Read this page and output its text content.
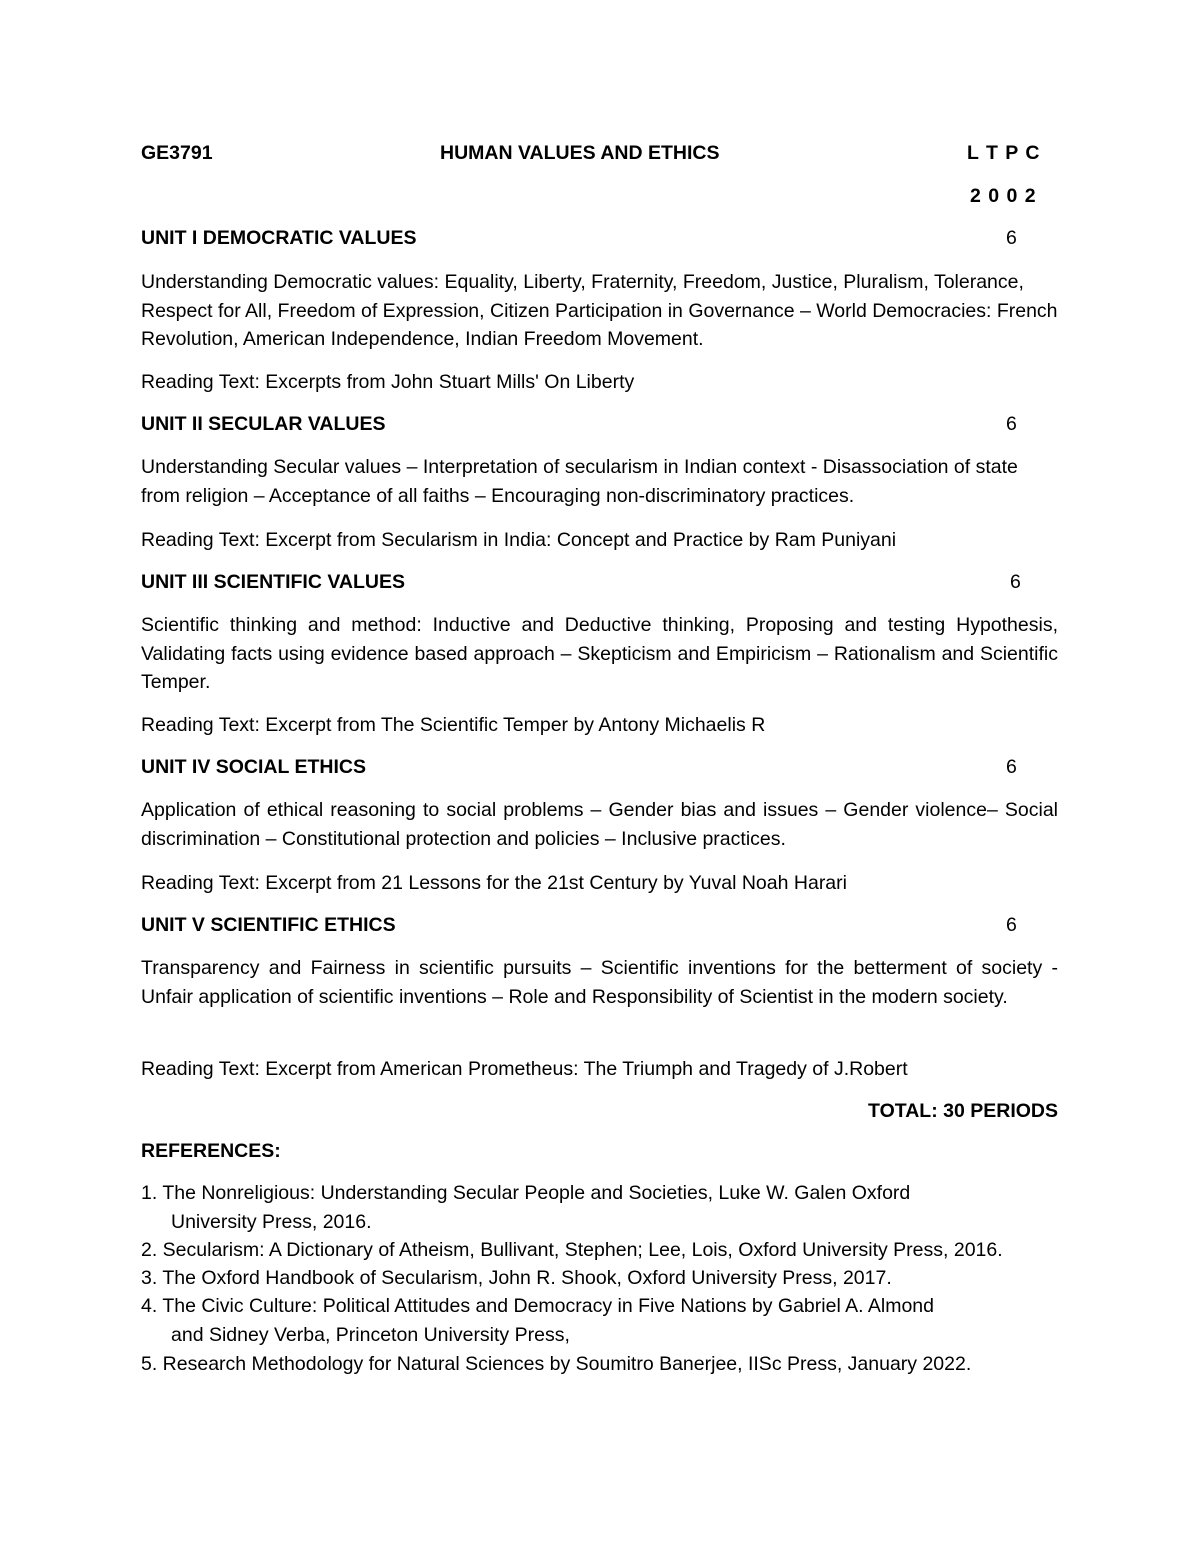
GE3791	HUMAN VALUES AND ETHICS	L T P C
2 0 0 2
UNIT I DEMOCRATIC VALUES	6
Understanding Democratic values: Equality, Liberty, Fraternity, Freedom, Justice, Pluralism, Tolerance, Respect for All, Freedom of Expression, Citizen Participation in Governance – World Democracies: French Revolution, American Independence, Indian Freedom Movement.
Reading Text: Excerpts from John Stuart Mills' On Liberty
UNIT II SECULAR VALUES	6
Understanding Secular values – Interpretation of secularism in Indian context - Disassociation of state from religion – Acceptance of all faiths – Encouraging non-discriminatory practices.
Reading Text: Excerpt from Secularism in India: Concept and Practice by Ram Puniyani
UNIT III SCIENTIFIC VALUES	6
Scientific thinking and method: Inductive and Deductive thinking, Proposing and testing Hypothesis, Validating facts using evidence based approach – Skepticism and Empiricism – Rationalism and Scientific Temper.
Reading Text: Excerpt from The Scientific Temper by Antony Michaelis R
UNIT IV SOCIAL ETHICS	6
Application of ethical reasoning to social problems – Gender bias and issues – Gender violence– Social discrimination – Constitutional protection and policies – Inclusive practices.
Reading Text: Excerpt from 21 Lessons for the 21st Century by Yuval Noah Harari
UNIT V SCIENTIFIC ETHICS	6
Transparency and Fairness in scientific pursuits – Scientific inventions for the betterment of society - Unfair application of scientific inventions – Role and Responsibility of Scientist in the modern society.
Reading Text: Excerpt from American Prometheus: The Triumph and Tragedy of J.Robert
TOTAL: 30 PERIODS
REFERENCES:
1. The Nonreligious: Understanding Secular People and Societies, Luke W. Galen Oxford
University Press, 2016.
2. Secularism: A Dictionary of Atheism, Bullivant, Stephen; Lee, Lois, Oxford University Press, 2016.
3. The Oxford Handbook of Secularism, John R. Shook, Oxford University Press, 2017.
4. The Civic Culture: Political Attitudes and Democracy in Five Nations by Gabriel A. Almond
and Sidney Verba, Princeton University Press,
5. Research Methodology for Natural Sciences by Soumitro Banerjee, IISc Press, January 2022.
